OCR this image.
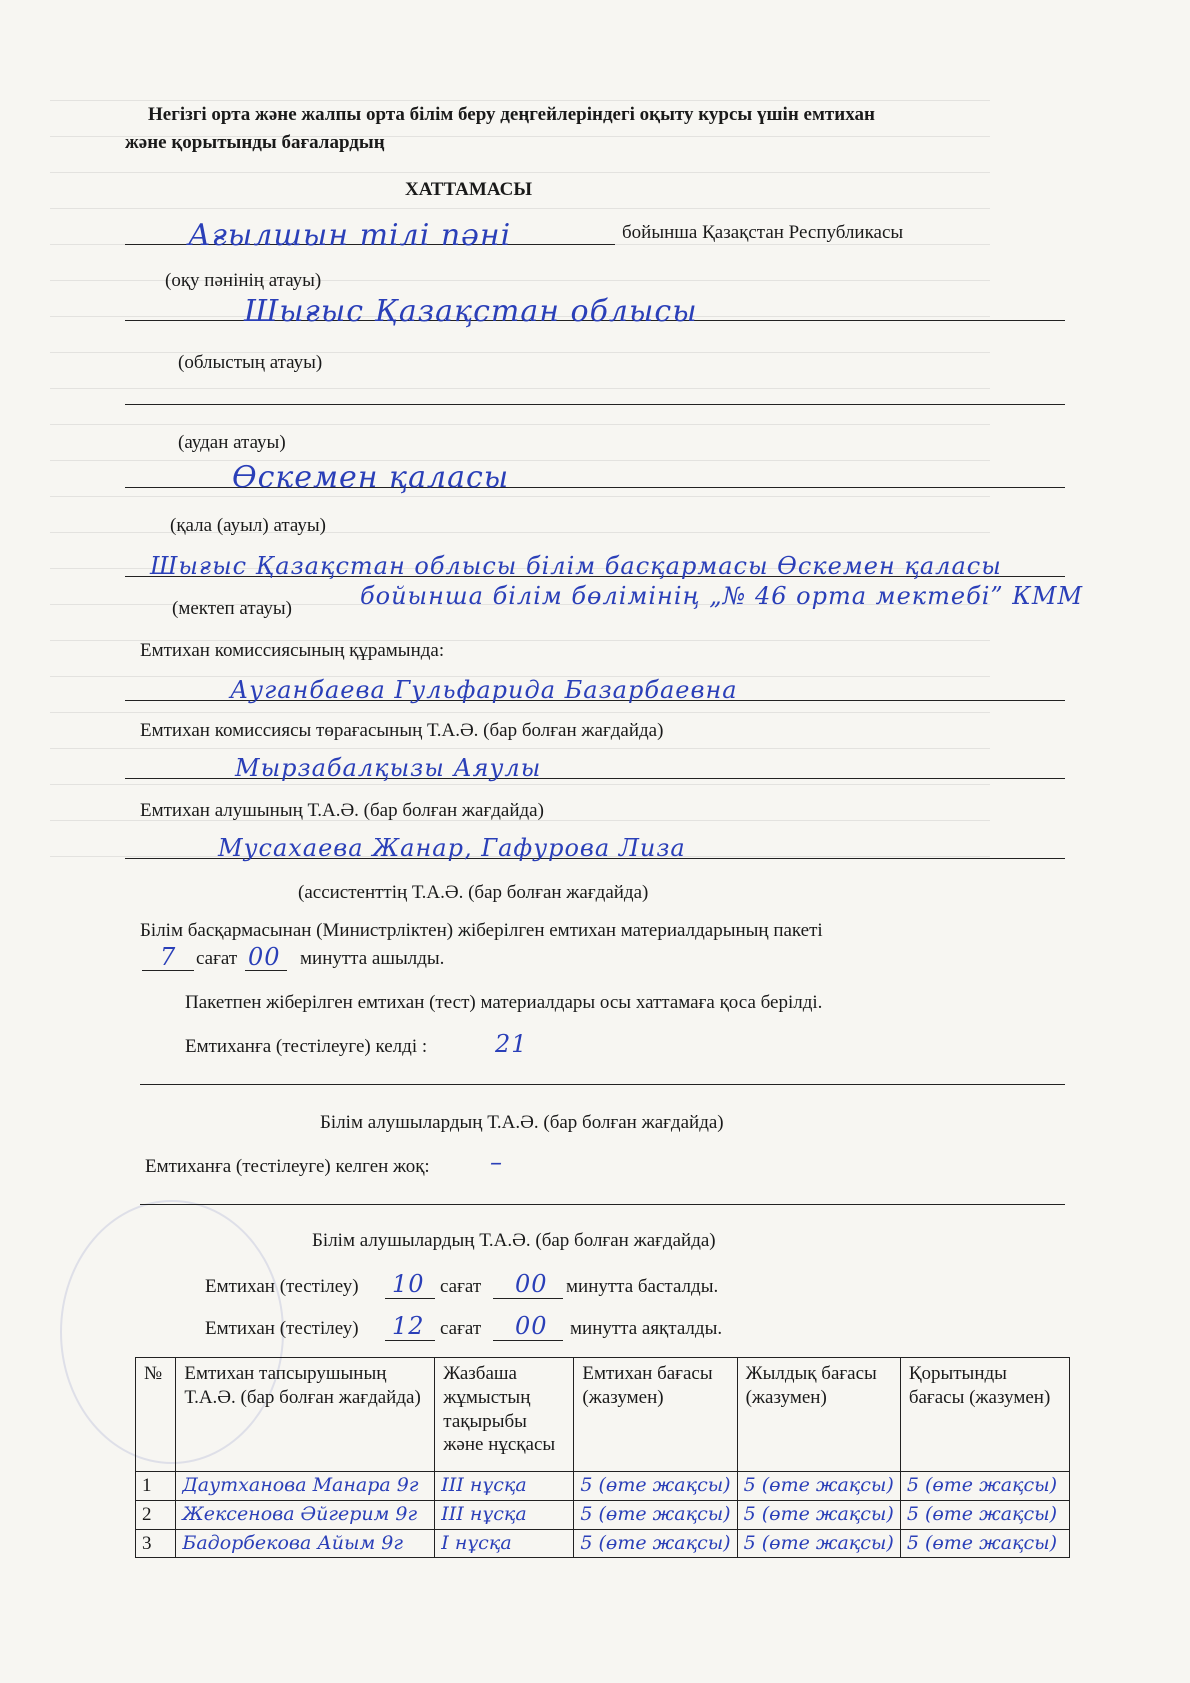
Негізгі орта және жалпы орта білім беру деңгейлеріндегі оқыту курсы үшін емтихан
және қорытынды бағалардың
ХАТТАМАСЫ
Ағылшын тілі пәні	бойынша Қазақстан Республикасы
(оқу пәнінің атауы)
Шығыс Қазақстан облысы
(облыстың атауы)
(аудан атауы)
Өскемен қаласы
(қала (ауыл) атауы)
Шығыс Қазақстан облысы білім басқармасы Өскемен қаласы
бойынша білім бөлімінің „№ 46 орта мектебі” КММ
(мектеп атауы)
Емтихан комиссиясының құрамында:
Ауганбаева Гульфарида Базарбаевна
Емтихан комиссиясы төрағасының Т.А.Ә. (бар болған жағдайда)
Мырзабалқызы Аяулы
Емтихан алушының Т.А.Ә. (бар болған жағдайда)
Мусахаева Жанар, Гафурова Лиза
(ассистенттің Т.А.Ә. (бар болған жағдайда)
Білім басқармасынан (Министрліктен) жіберілген емтихан материалдарының пакеті
7 сағат 00 минутта ашылды.
Пакетпен жіберілген емтихан (тест) материалдары осы хаттамаға қоса берілді.
Емтиханға (тестілеуге) келді :	21
Білім алушылардың Т.А.Ә. (бар болған жағдайда)
Емтиханға (тестілеуге) келген жоқ:	–
Білім алушылардың Т.А.Ә. (бар болған жағдайда)
Емтихан (тестілеу) 10 сағат 00 минутта басталды.
Емтихан (тестілеу) 12 сағат 00 минутта аяқталды.
№	Емтихан тапсырушының Т.А.Ә. (бар болған жағдайда)	Жазбаша жұмыстың тақырыбы және нұсқасы	Емтихан бағасы (жазумен)	Жылдық бағасы (жазумен)	Қорытынды бағасы (жазумен)
1	Даутханова Манара 9г	III нұсқа	5 (өте жақсы)	5 (өте жақсы)	5 (өте жақсы)
2	Жексенова Әйгерим 9г	III нұсқа	5 (өте жақсы)	5 (өте жақсы)	5 (өте жақсы)
3	Бадорбекова Айым 9г	I нұсқа	5 (өте жақсы)	5 (өте жақсы)	5 (өте жақсы)
